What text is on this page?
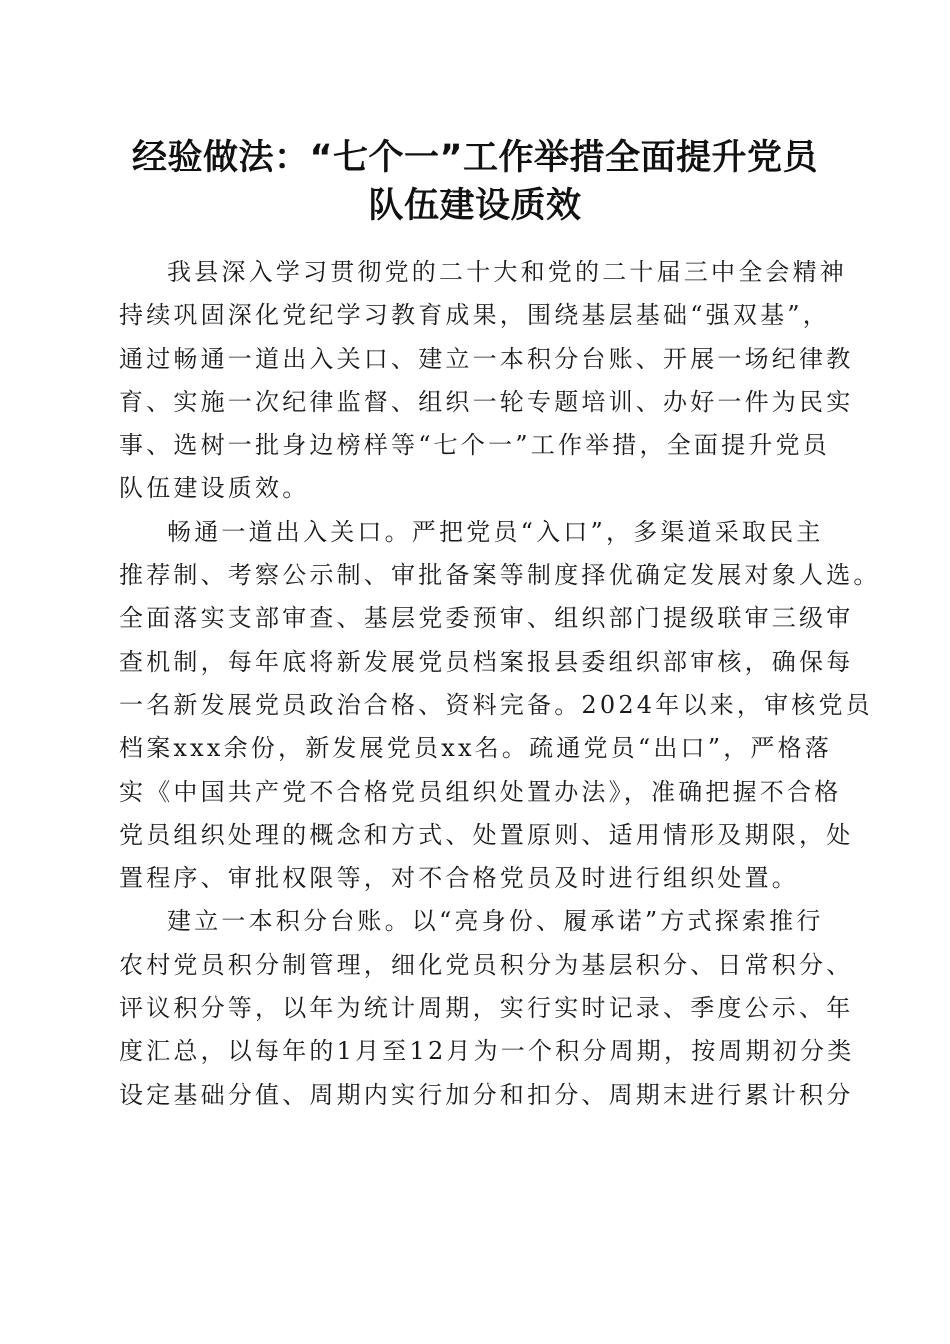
经验做法：“七个一”工作举措全面提升党员
队伍建设质效
我县深入学习贯彻党的二十大和党的二十届三中全会精神
持续巩固深化党纪学习教育成果，围绕基层基础“强双基”，
通过畅通一道出入关口、建立一本积分台账、开展一场纪律教
育、实施一次纪律监督、组织一轮专题培训、办好一件为民实
事、选树一批身边榜样等“七个一”工作举措，全面提升党员
队伍建设质效。
畅通一道出入关口。严把党员“入口”，多渠道采取民主
推荐制、考察公示制、审批备案等制度择优确定发展对象人选。
全面落实支部审查、基层党委预审、组织部门提级联审三级审
查机制，每年底将新发展党员档案报县委组织部审核，确保每
一名新发展党员政治合格、资料完备。2024年以来，审核党员
档案xxx余份，新发展党员xx名。疏通党员“出口”，严格落
实《中国共产党不合格党员组织处置办法》，准确把握不合格
党员组织处理的概念和方式、处置原则、适用情形及期限，处
置程序、审批权限等，对不合格党员及时进行组织处置。
建立一本积分台账。以“亮身份、履承诺”方式探索推行
农村党员积分制管理，细化党员积分为基层积分、日常积分、
评议积分等，以年为统计周期，实行实时记录、季度公示、年
度汇总，以每年的1月至12月为一个积分周期，按周期初分类
设定基础分值、周期内实行加分和扣分、周期末进行累计积分
